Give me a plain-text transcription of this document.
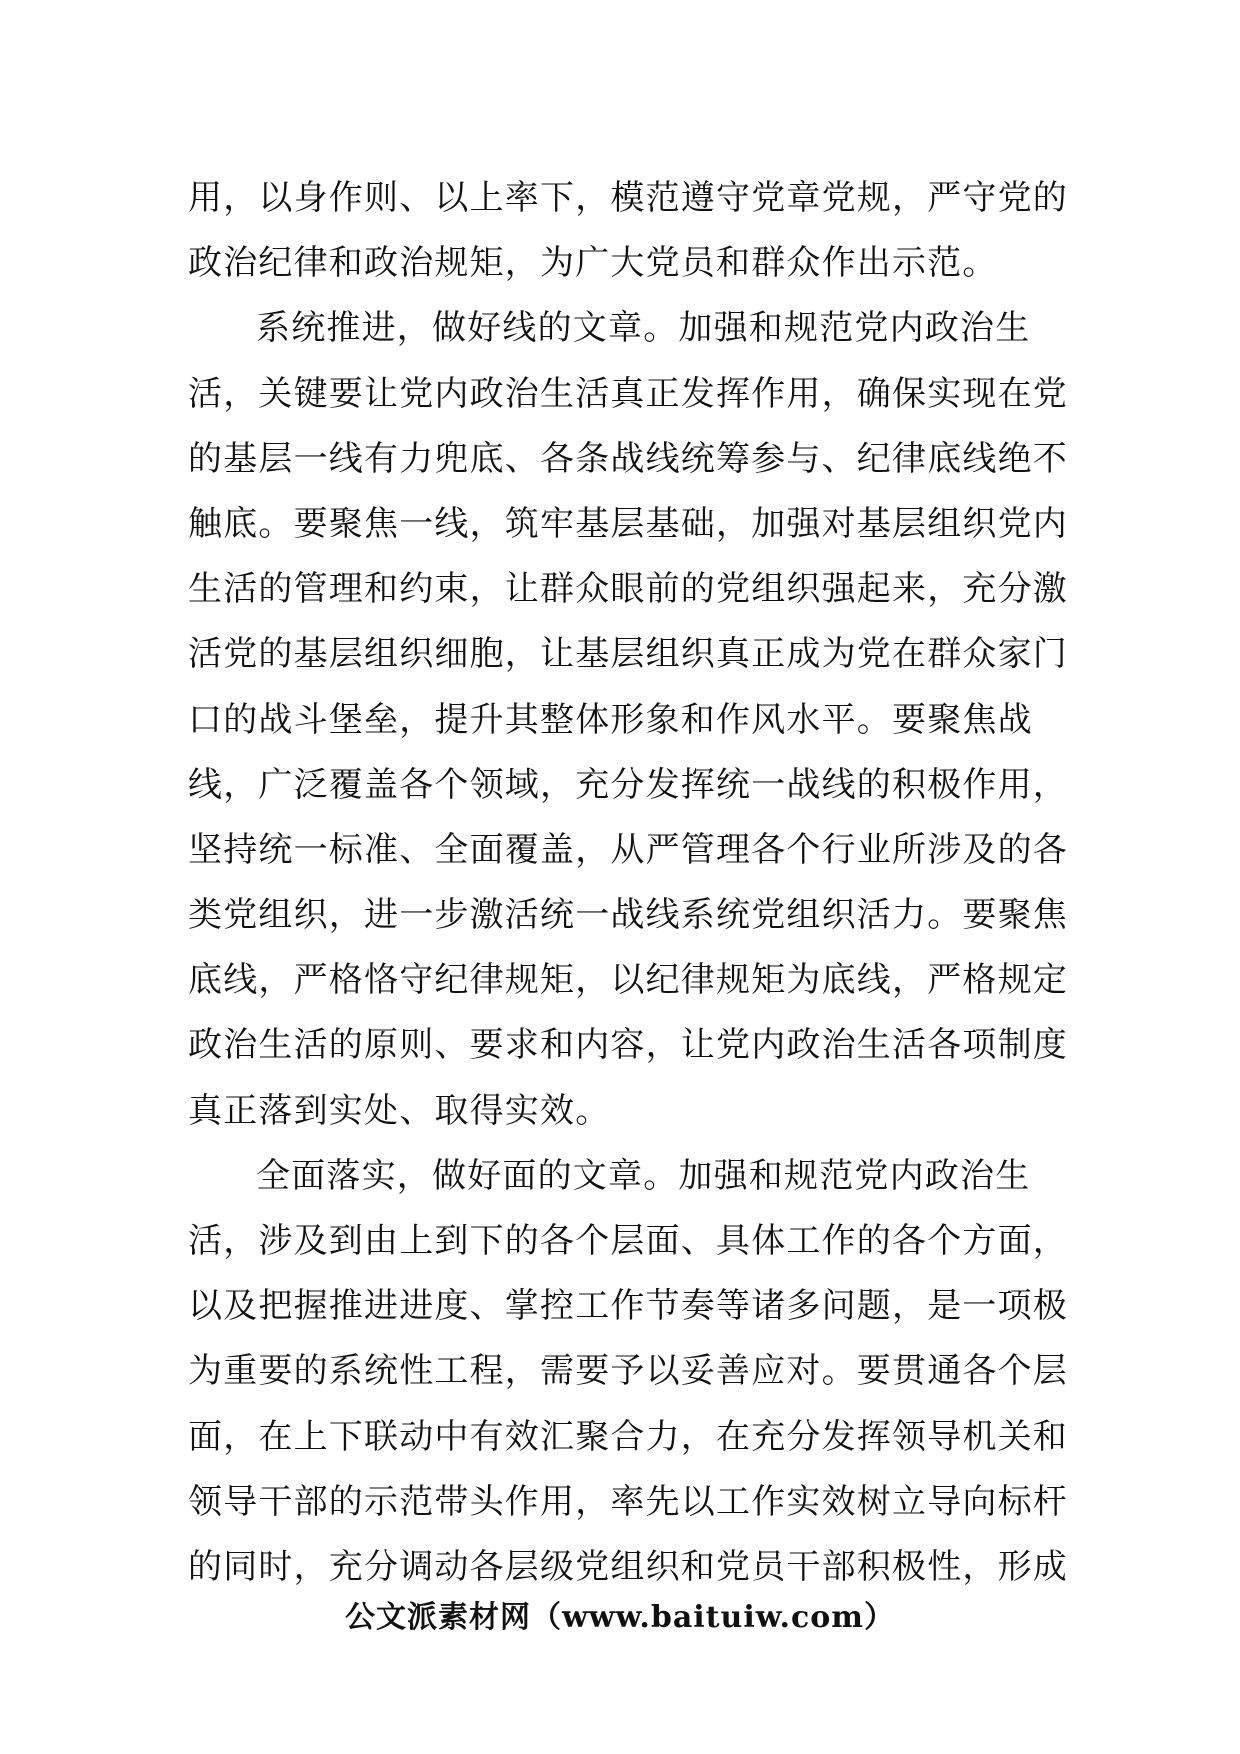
用，以身作则、以上率下，模范遵守党章党规，严守党的
政治纪律和政治规矩，为广大党员和群众作出示范。
系统推进，做好线的文章。加强和规范党内政治生
活，关键要让党内政治生活真正发挥作用，确保实现在党
的基层一线有力兜底、各条战线统筹参与、纪律底线绝不
触底。要聚焦一线，筑牢基层基础，加强对基层组织党内
生活的管理和约束，让群众眼前的党组织强起来，充分激
活党的基层组织细胞，让基层组织真正成为党在群众家门
口的战斗堡垒，提升其整体形象和作风水平。要聚焦战
线，广泛覆盖各个领域，充分发挥统一战线的积极作用，
坚持统一标准、全面覆盖，从严管理各个行业所涉及的各
类党组织，进一步激活统一战线系统党组织活力。要聚焦
底线，严格恪守纪律规矩，以纪律规矩为底线，严格规定
政治生活的原则、要求和内容，让党内政治生活各项制度
真正落到实处、取得实效。
全面落实，做好面的文章。加强和规范党内政治生
活，涉及到由上到下的各个层面、具体工作的各个方面，
以及把握推进进度、掌控工作节奏等诸多问题，是一项极
为重要的系统性工程，需要予以妥善应对。要贯通各个层
面，在上下联动中有效汇聚合力，在充分发挥领导机关和
领导干部的示范带头作用，率先以工作实效树立导向标杆
的同时，充分调动各层级党组织和党员干部积极性，形成
公文派素材网（www.baituiw.com）
